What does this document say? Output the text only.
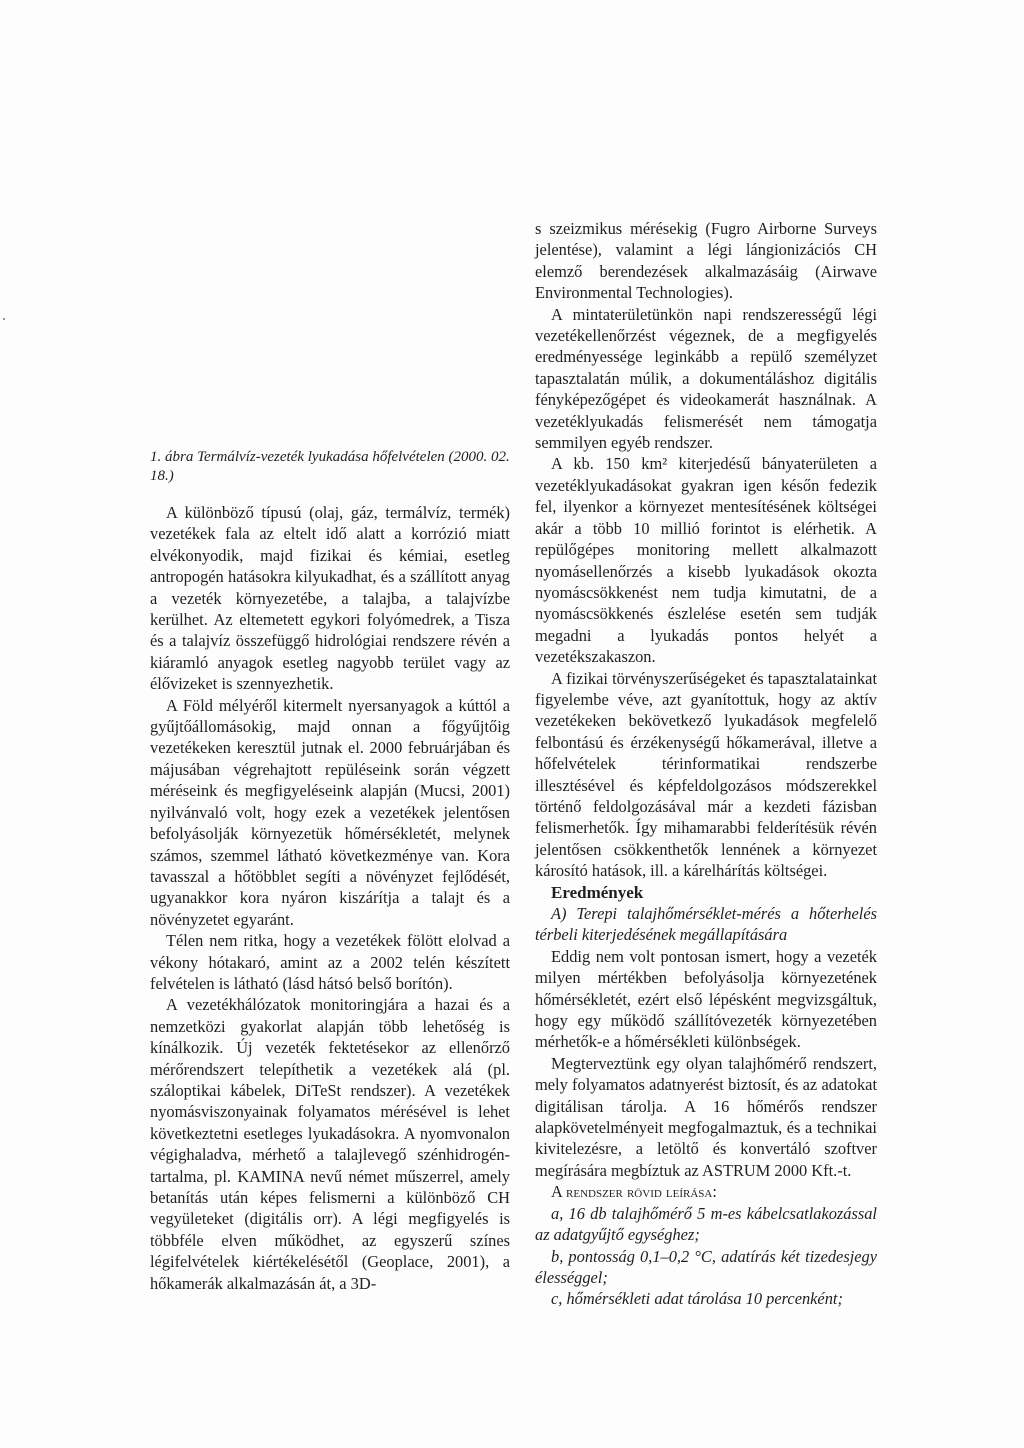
1. ábra Termálvíz-vezeték lyukadása hőfelvételen (2000. 02. 18.)

A különböző típusú (olaj, gáz, termálvíz, termék) vezetékek fala az eltelt idő alatt a korrózió miatt elvékonyodik, majd fizikai és kémiai, esetleg antropogén hatásokra kilyukadhat, és a szállított anyag a vezeték környezetébe, a talajba, a talajvízbe kerülhet. Az eltemetett egykori folyómedrek, a Tisza és a talajvíz összefüggő hidrológiai rendszere révén a kiáramló anyagok esetleg nagyobb terület vagy az élővizeket is szennyezhetik.

A Föld mélyéről kitermelt nyersanyagok a kúttól a gyűjtőállomásokig, majd onnan a főgyűjtőig vezetékeken keresztül jutnak el. 2000 februárjában és májusában végrehajtott repüléseink során végzett méréseink és megfigyeléseink alapján (Mucsi, 2001) nyilvánvaló volt, hogy ezek a vezetékek jelentősen befolyásolják környezetük hőmérsékletét, melynek számos, szemmel látható következménye van. Kora tavasszal a hőtöbblet segíti a növényzet fejlődését, ugyanakkor kora nyáron kiszárítja a talajt és a növényzetet egyaránt.

Télen nem ritka, hogy a vezetékek fölött elolvad a vékony hótakaró, amint az a 2002 telén készített felvételen is látható (lásd hátsó belső borítón).

A vezetékhálózatok monitoringjára a hazai és a nemzetközi gyakorlat alapján több lehetőség is kínálkozik. Új vezeték fektetésekor az ellenőrző mérőrendszert telepíthetik a vezetékek alá (pl. száloptikai kábelek, DiTeSt rendszer). A vezetékek nyomásviszonyainak folyamatos mérésével is lehet következtetni esetleges lyukadásokra. A nyomvonalon végighaladva, mérhető a talajlevegő szénhidrogén-tartalma, pl. KAMINA nevű német műszerrel, amely betanítás után képes felismerni a különböző CH vegyületeket (digitális orr). A légi megfigyelés is többféle elven működhet, az egyszerű színes légifelvételek kiértékelésétől (Geoplace, 2001), a hőkamerák alkalmazásán át, a 3D-

s szeizmikus mérésekig (Fugro Airborne Surveys jelentése), valamint a légi lángionizációs CH elemző berendezések alkalmazásáig (Airwave Environmental Technologies).

A mintaterületünkön napi rendszerességű légi vezetékellenőrzést végeznek, de a megfigyelés eredményessége leginkább a repülő személyzet tapasztalatán múlik, a dokumentáláshoz digitális fényképezőgépet és videokamerát használnak. A vezetéklyukadás felismerését nem támogatja semmilyen egyéb rendszer.

A kb. 150 km² kiterjedésű bányaterületen a vezetéklyukadásokat gyakran igen későn fedezik fel, ilyenkor a környezet mentesítésének költségei akár a több 10 millió forintot is elérhetik. A repülőgépes monitoring mellett alkalmazott nyomásellenőrzés a kisebb lyukadások okozta nyomáscsökkenést nem tudja kimutatni, de a nyomáscsökkenés észlelése esetén sem tudják megadni a lyukadás pontos helyét a vezetékszakaszon.

A fizikai törvényszerűségeket és tapasztalatainkat figyelembe véve, azt gyanítottuk, hogy az aktív vezetékeken bekövetkező lyukadások megfelelő felbontású és érzékenységű hőkamerával, illetve a hőfelvételek térinformatikai rendszerbe illesztésével és képfeldolgozásos módszerekkel történő feldolgozásával már a kezdeti fázisban felismerhetők. Így mihamarabbi felderítésük révén jelentősen csökkenthetők lennének a környezet károsító hatások, ill. a kárelhárítás költségei.

Eredmények

A) Terepi talajhőmérséklet-mérés a hőterhelés térbeli kiterjedésének megállapítására

Eddig nem volt pontosan ismert, hogy a vezeték milyen mértékben befolyásolja környezetének hőmérsékletét, ezért első lépésként megvizsgáltuk, hogy egy működő szállítóvezeték környezetében mérhetők-e a hőmérsékleti különbségek.

Megterveztünk egy olyan talajhőmérő rendszert, mely folyamatos adatnyerést biztosít, és az adatokat digitálisan tárolja. A 16 hőmérős rendszer alapkövetelményeit megfogalmaztuk, és a technikai kivitelezésre, a letöltő és konvertáló szoftver megírására megbíztuk az ASTRUM 2000 Kft.-t.

A rendszer rövid leírása:

a, 16 db talajhőmérő 5 m-es kábelcsatlakozással az adatgyűjtő egységhez;

b, pontosság 0,1–0,2 °C, adatírás két tizedesjegy élességgel;

c, hőmérsékleti adat tárolása 10 percenként;
